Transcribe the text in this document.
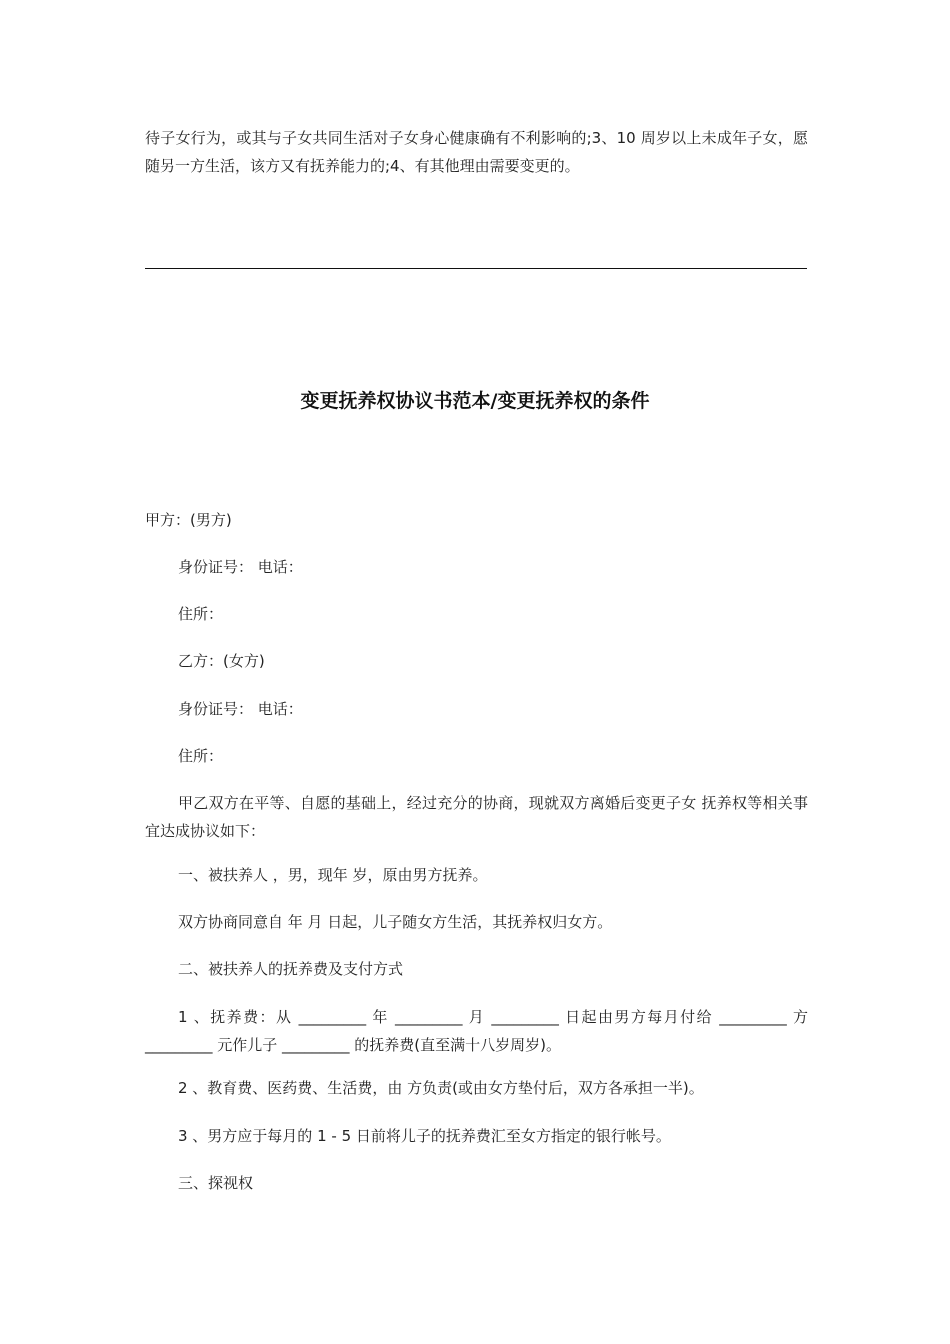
待子女行为，或其与子女共同生活对子女身心健康确有不利影响的;3、10 周岁以上未成年子女，愿随另一方生活，该方又有抚养能力的;4、有其他理由需要变更的。
变更抚养权协议书范本/变更抚养权的条件
甲方：(男方)
身份证号： 电话：
住所：
乙方：(女方)
身份证号： 电话：
住所：
甲乙双方在平等、自愿的基础上，经过充分的协商，现就双方离婚后变更子女 抚养权等相关事宜达成协议如下：
一、被扶养人 ，男，现年 岁，原由男方抚养。
双方协商同意自 年 月 日起，儿子随女方生活，其抚养权归女方。
二、被扶养人的抚养费及支付方式
1 、抚养费：从 _________ 年 _________ 月 _________ 日起由男方每月付给 _________ 方 _________ 元作儿子 _________ 的抚养费(直至满十八岁周岁)。
2 、教育费、医药费、生活费，由 方负责(或由女方垫付后，双方各承担一半)。
3 、男方应于每月的 1 - 5 日前将儿子的抚养费汇至女方指定的银行帐号。
三、探视权
